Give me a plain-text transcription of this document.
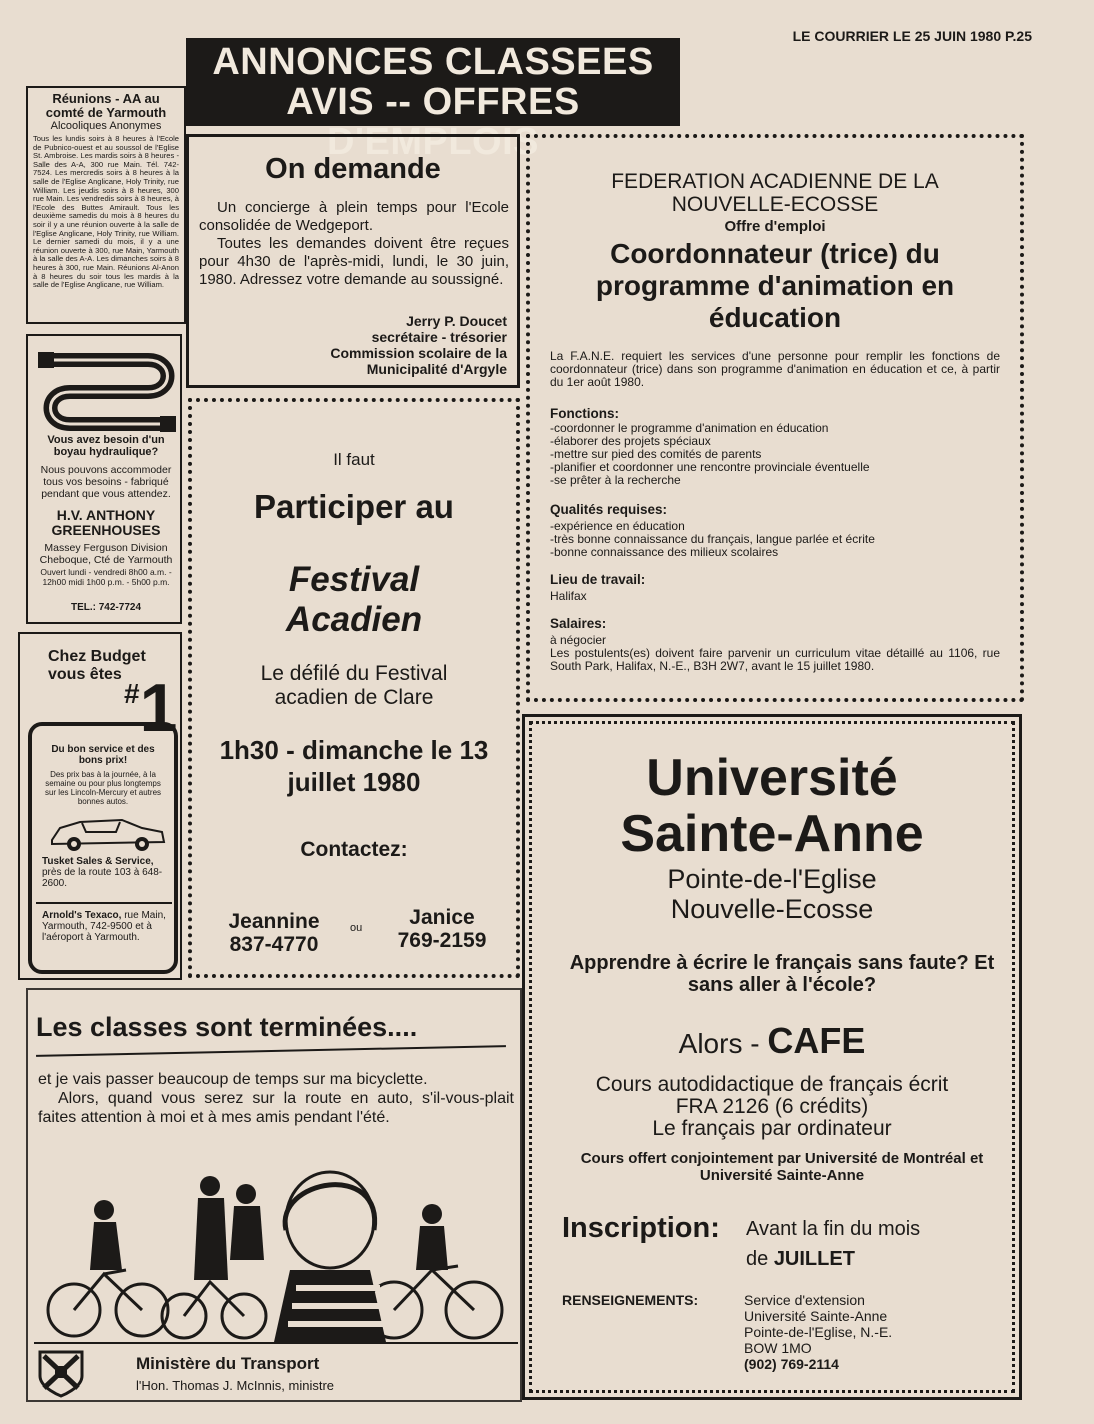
LE COURRIER LE 25 JUIN 1980 P.25
ANNONCES CLASSEES
AVIS -- OFFRES D'EMPLOIS
Réunions - AA au comté de Yarmouth
Alcooliques Anonymes
Tous les lundis soirs à 8 heures à l'Ecole de Pubnico-ouest et au soussol de l'Eglise St. Ambroise. Les mardis soirs à 8 heures - Salle des A-A, 300 rue Main. Tél. 742-7524. Les mercredis soirs à 8 heures à la salle de l'Eglise Anglicane, Holy Trinity, rue William. Les jeudis soirs à 8 heures, 300 rue Main. Les vendredis soirs à 8 heures, à l'Ecole des Buttes Amirault. Tous les deuxième samedis du mois à 8 heures du soir il y a une réunion ouverte à la salle de l'Eglise Anglicane, Holy Trinity, rue William. Le dernier samedi du mois, il y a une réunion ouverte à 300, rue Main, Yarmouth à la salle des A-A. Les dimanches soirs à 8 heures à 300, rue Main. Réunions Al-Anon à 8 heures du soir tous les mardis à la salle de l'Eglise Anglicane, rue William.
Vous avez besoin d'un boyau hydraulique?
Nous pouvons accommoder tous vos besoins - fabriqué pendant que vous attendez.
H.V. ANTHONY GREENHOUSES
Massey Ferguson Division Cheboque, Cté de Yarmouth
Ouvert lundi - vendredi 8h00 a.m. - 12h00 midi 1h00 p.m. - 5h00 p.m.
TEL.: 742-7724
Chez Budget vous êtes
#1
Du bon service et des bons prix!
Des prix bas à la journée, à la semaine ou pour plus longtemps sur les Lincoln-Mercury et autres bonnes autos.
Tusket Sales & Service, près de la route 103 à 648-2600.
Arnold's Texaco, rue Main, Yarmouth, 742-9500 et à l'aéroport à Yarmouth.
On demande

Un concierge à plein temps pour l'Ecole consolidée de Wedgeport.

Toutes les demandes doivent être reçues pour 4h30 de l'après-midi, lundi, le 30 juin, 1980. Adressez votre demande au soussigné.

Jerry P. Doucet
secrétaire - trésorier
Commission scolaire de la
Municipalité d'Argyle
Il faut
Participer au
Festival
Acadien
Le défilé du Festival acadien de Clare
1h30 - dimanche le 13 juillet 1980
Contactez:
Jeannine
837-4770
ou	Janice
769-2159
FEDERATION ACADIENNE DE LA NOUVELLE-ECOSSE
Offre d'emploi
Coordonnateur (trice) du programme d'animation en éducation
La F.A.N.E. requiert les services d'une personne pour remplir les fonctions de coordonnateur (trice) dans son programme d'animation en éducation et ce, à partir du 1er août 1980.
Fonctions:
-coordonner le programme d'animation en éducation
-élaborer des projets spéciaux
-mettre sur pied des comités de parents
-planifier et coordonner une rencontre provinciale éventuelle
-se prêter à la recherche
Qualités requises:
-expérience en éducation
-très bonne connaissance du français, langue parlée et écrite
-bonne connaissance des milieux scolaires
Lieu de travail:
Halifax
Salaires:
à négocier
Les postulents(es) doivent faire parvenir un curriculum vitae détaillé au 1106, rue South Park, Halifax, N.-E., B3H 2W7, avant le 15 juillet 1980.
Université
Sainte-Anne
Pointe-de-l'Eglise
Nouvelle-Ecosse
Apprendre à écrire le français sans faute? Et sans aller à l'école?
Alors - CAFE
Cours autodidactique de français écrit
FRA 2126 (6 crédits)
Le français par ordinateur
Cours offert conjointement par Université de Montréal et Université Sainte-Anne
Inscription: Avant la fin du mois
de JUILLET
RENSEIGNEMENTS:	Service d'extension
Université Sainte-Anne
Pointe-de-l'Eglise, N.-E.
BOW 1MO
(902) 769-2114
Les classes sont terminées....

et je vais passer beaucoup de temps sur ma bicyclette.

Alors, quand vous serez sur la route en auto, s'il-vous-plait faites attention à moi et à mes amis pendant l'été.

Ministère du Transport
l'Hon. Thomas J. McInnis, ministre
